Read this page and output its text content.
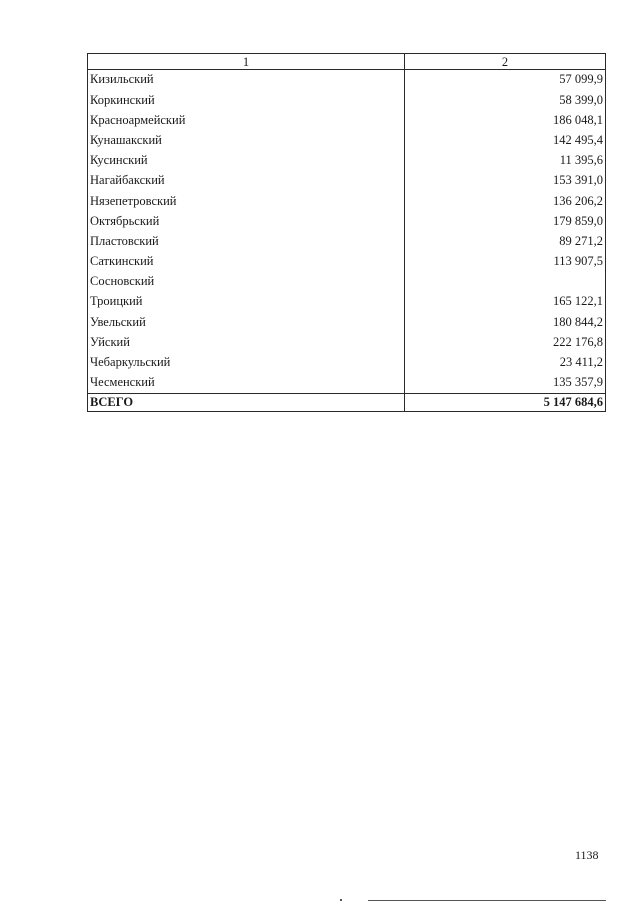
1	2
Кизильский	57 099,9
Коркинский	58 399,0
Красноармейский	186 048,1
Кунашакский	142 495,4
Кусинский	11 395,6
Нагайбакский	153 391,0
Нязепетровский	136 206,2
Октябрьский	179 859,0
Пластовский	89 271,2
Саткинский	113 907,5
Сосновский	
Троицкий	165 122,1
Увельский	180 844,2
Уйский	222 176,8
Чебаркульский	23 411,2
Чесменский	135 357,9
ВСЕГО	5 147 684,6
1138
